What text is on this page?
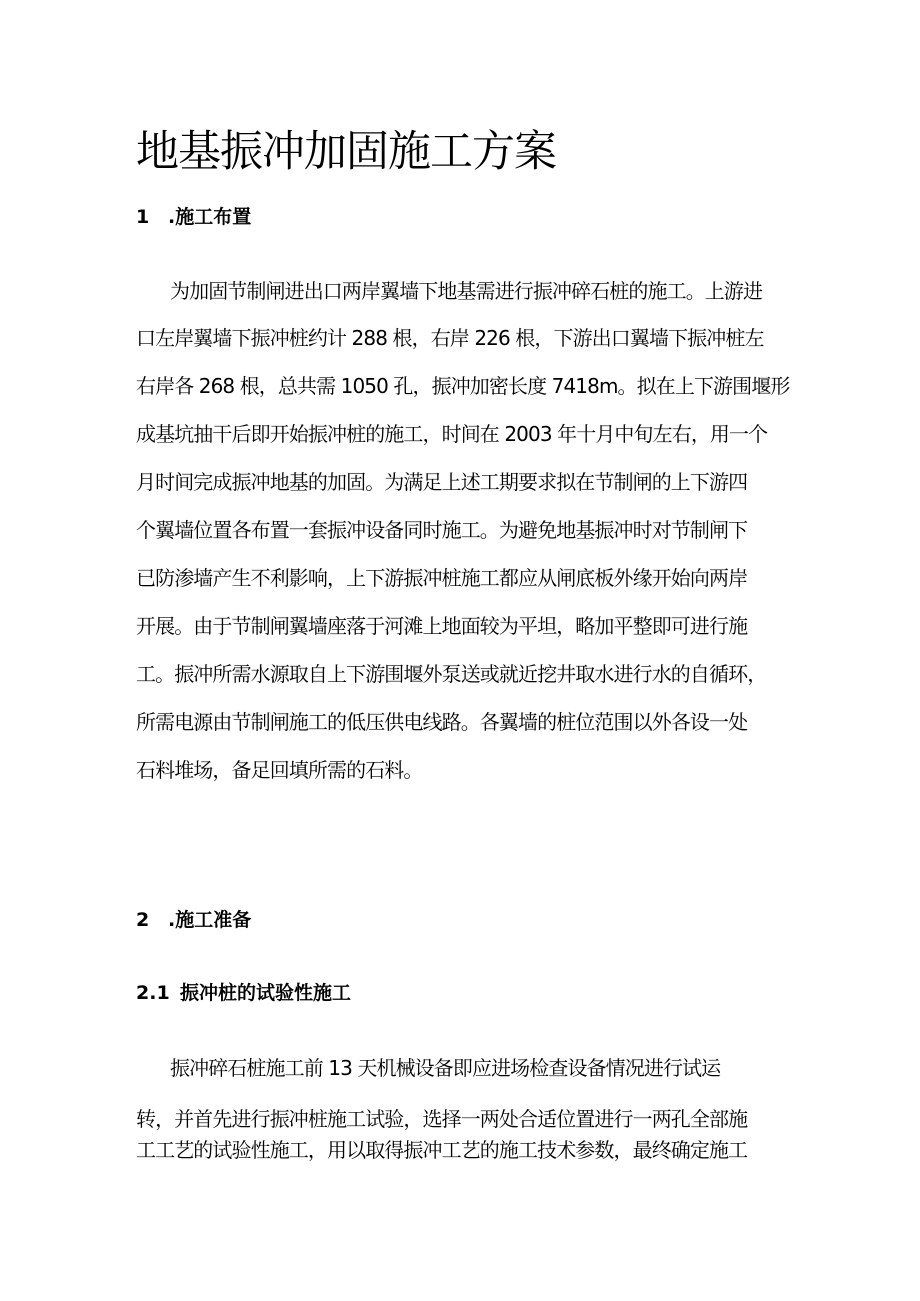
地基振冲加固施工方案
1 .施工布置

为加固节制闸进出口两岸翼墙下地基需进行振冲碎石桩的施工。上游进

口左岸翼墙下振冲桩约计 288 根，右岸 226 根，下游出口翼墙下振冲桩左

右岸各 268 根，总共需 1050 孔，振冲加密长度 7418m。拟在上下游围堰形

成基坑抽干后即开始振冲桩的施工，时间在 2003 年十月中旬左右，用一个

月时间完成振冲地基的加固。为满足上述工期要求拟在节制闸的上下游四

个翼墙位置各布置一套振冲设备同时施工。为避免地基振冲时对节制闸下

已防渗墙产生不利影响，上下游振冲桩施工都应从闸底板外缘开始向两岸

开展。由于节制闸翼墙座落于河滩上地面较为平坦，略加平整即可进行施

工。振冲所需水源取自上下游围堰外泵送或就近挖井取水进行水的自循环，

所需电源由节制闸施工的低压供电线路。各翼墙的桩位范围以外各设一处

石料堆场，备足回填所需的石料。

2 .施工准备
2.1 振冲桩的试验性施工

振冲碎石桩施工前 13 天机械设备即应进场检查设备情况进行试运

转，并首先进行振冲桩施工试验，选择一两处合适位置进行一两孔全部施

工工艺的试验性施工，用以取得振冲工艺的施工技术参数，最终确定施工
